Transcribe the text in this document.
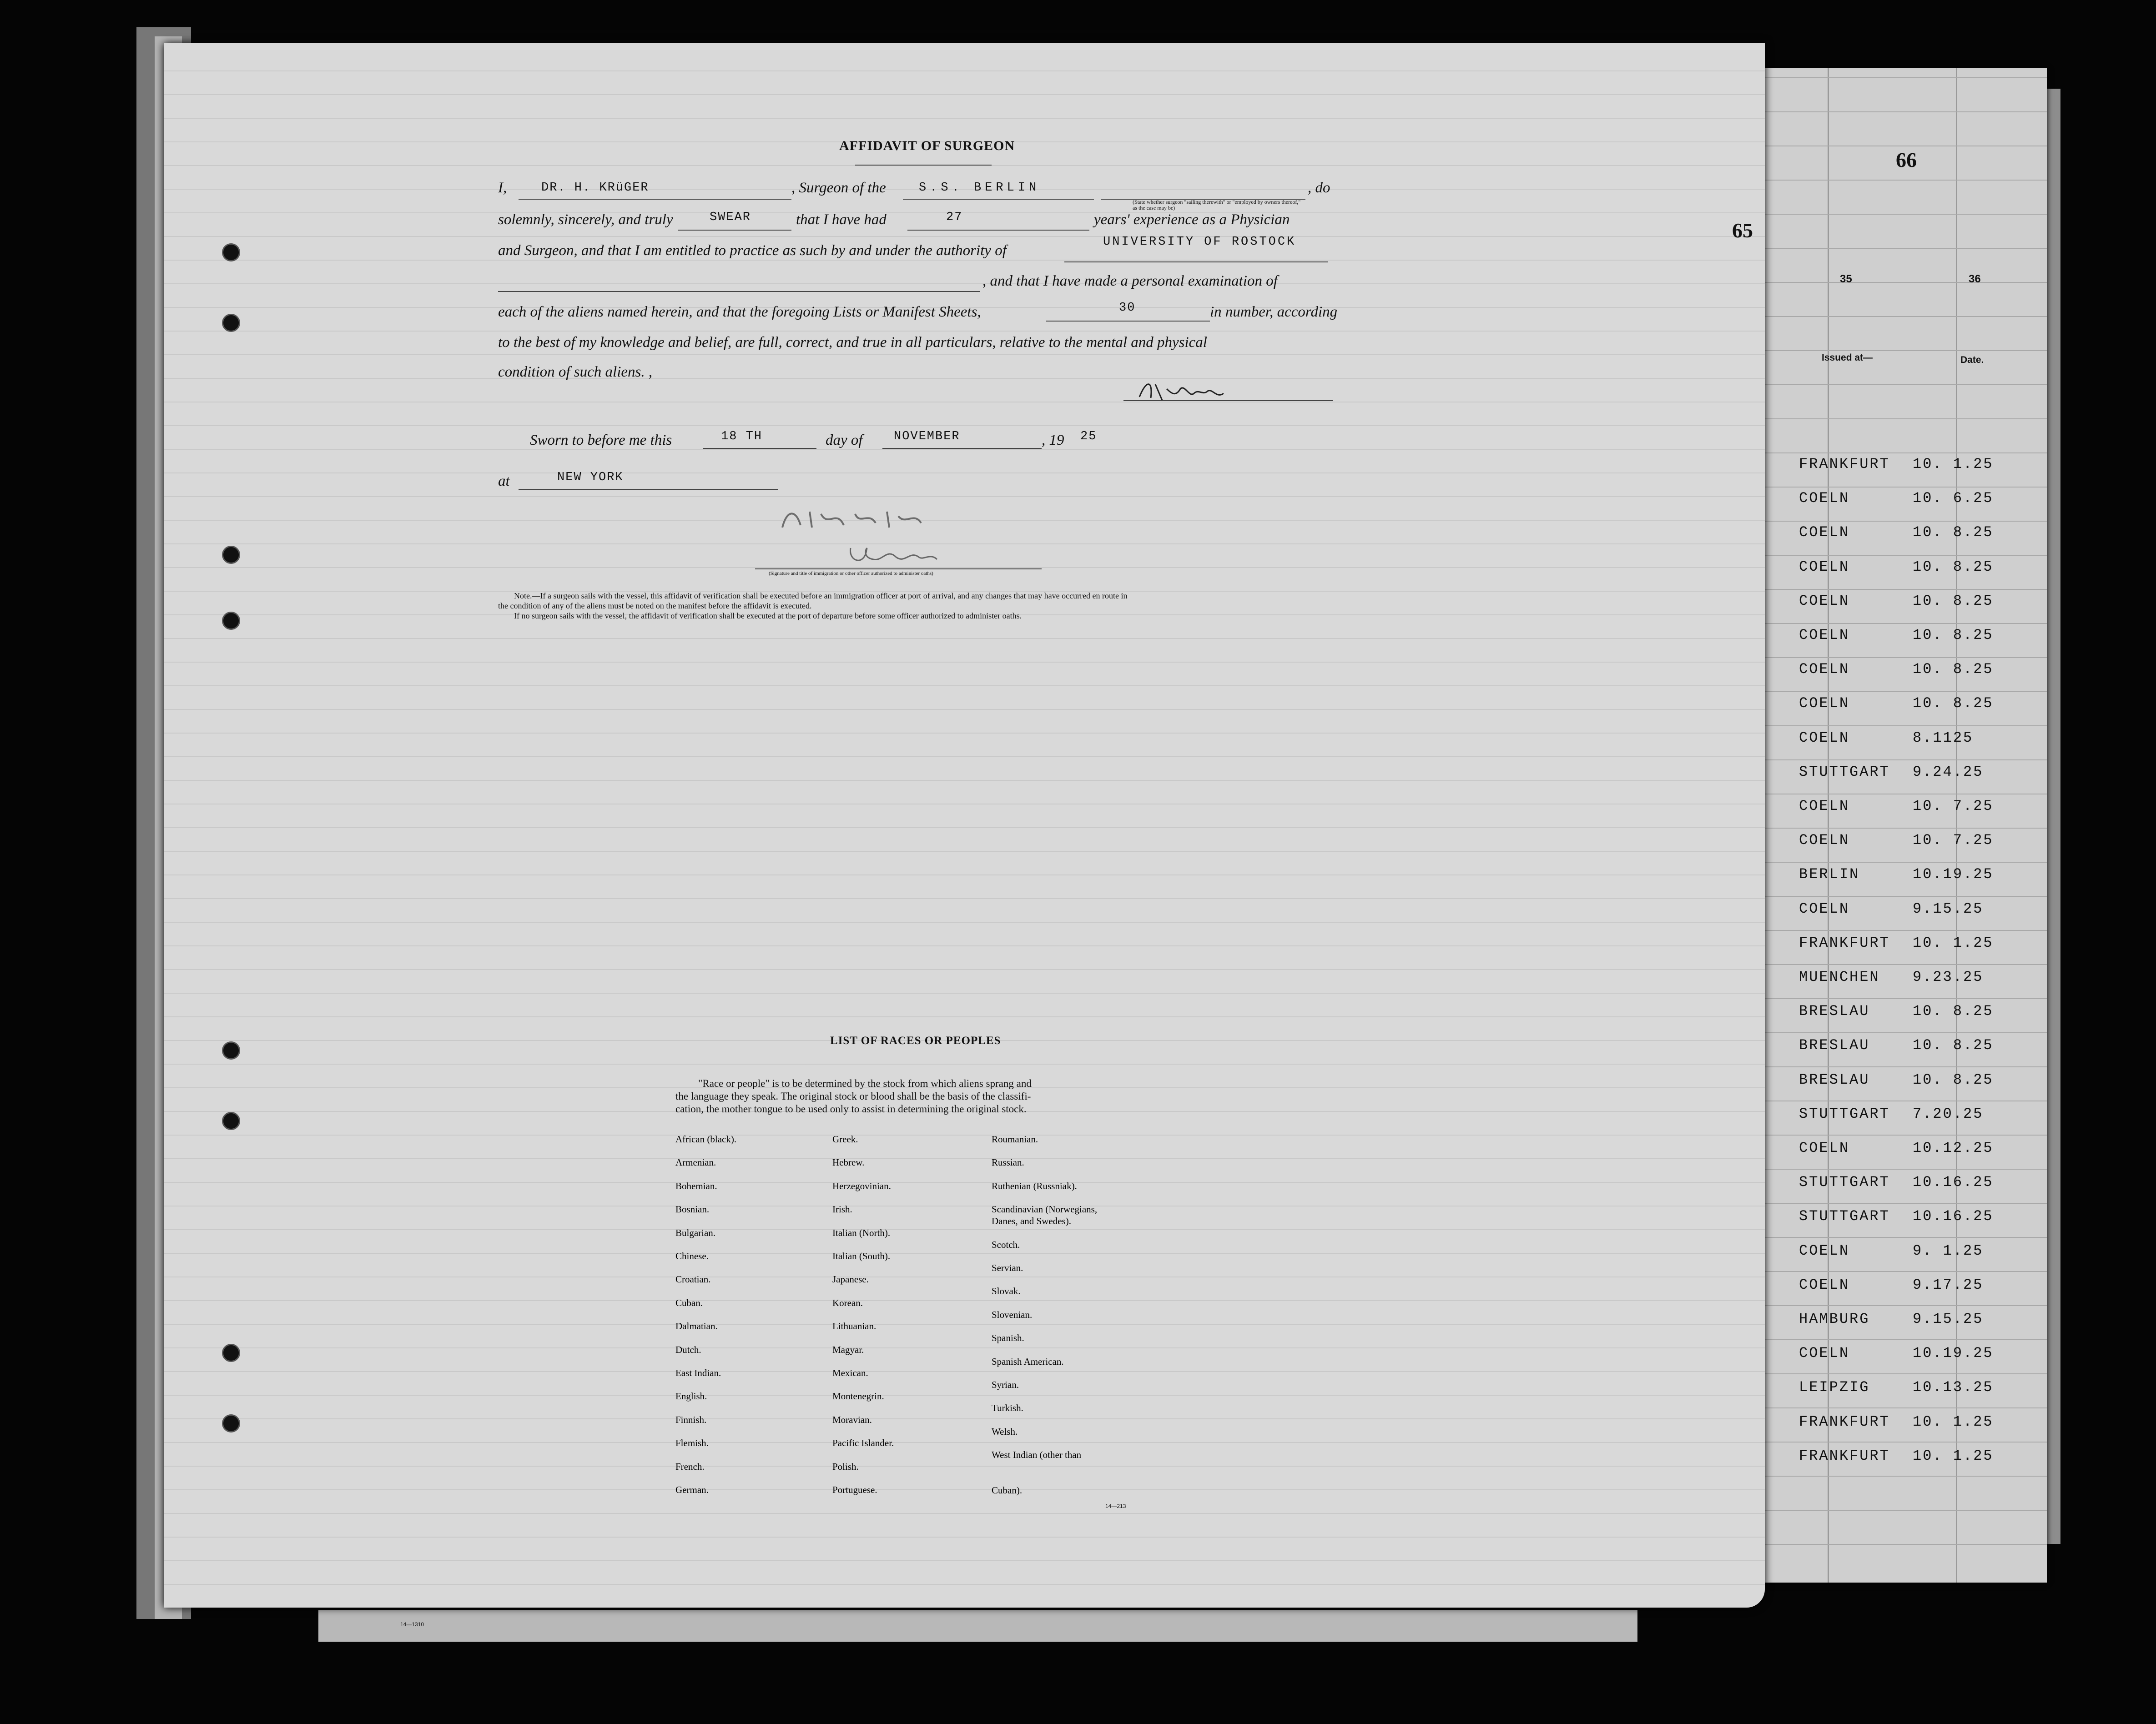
14—1310
66
65
AFFIDAVIT OF SURGEON
I,	DR. H. KRüGER	, Surgeon of the	S.S. BERLIN
(State whether surgeon "sailing therewith" or "employed by owners thereof," as the case may be)
, do
solemnly, sincerely, and truly	SWEAR	that I have had	27	years' experience as a Physician
and Surgeon, and that I am entitled to practice as such by and under the authority of
UNIVERSITY OF ROSTOCK
, and that I have made a personal examination of
each of the aliens named herein, and that the foregoing Lists or Manifest Sheets,	30	in number, according
to the best of my knowledge and belief, are full, correct, and true in all particulars, relative to the mental and physical
condition of such aliens. ,
Sworn to before me this	18 TH	day of	NOVEMBER	, 19 25
at	NEW YORK
(Signature and title of immigration or other officer authorized to administer oaths)
Note.—If a surgeon sails with the vessel, this affidavit of verification shall be executed before an immigration officer at port of arrival, and any changes that may have occurred en route in
the condition of any of the aliens must be noted on the manifest before the affidavit is executed.
If no surgeon sails with the vessel, the affidavit of verification shall be executed at the port of departure before some officer authorized to administer oaths.
LIST OF RACES OR PEOPLES
"Race or people" is to be determined by the stock from which aliens sprang and
the language they speak. The original stock or blood shall be the basis of the classifi-
cation, the mother tongue to be used only to assist in determining the original stock.
African (black).
Armenian.
Bohemian.
Bosnian.
Bulgarian.
Chinese.
Croatian.
Cuban.
Dalmatian.
Dutch.
East Indian.
English.
Finnish.
Flemish.
French.
German.
Greek.
Hebrew.
Herzegovinian.
Irish.
Italian (North).
Italian (South).
Japanese.
Korean.
Lithuanian.
Magyar.
Mexican.
Montenegrin.
Moravian.
Pacific Islander.
Polish.
Portuguese.
Roumanian.
Russian.
Ruthenian (Russniak).
Scandinavian (Norwegians,
Danes, and Swedes).
Scotch.
Servian.
Slovak.
Slovenian.
Spanish.
Spanish American.
Syrian.
Turkish.
Welsh.
West Indian (other than
Cuban).
14—213
35	36
Issued at—	Date.
FRANKFURT 10. 1.25
COELN	10. 6.25
COELN	10. 8.25
COELN	10. 8.25
COELN	10. 8.25
COELN	10. 8.25
COELN	10. 8.25
COELN	10. 8.25
COELN	8.1125
STUTTGART 9.24.25
COELN	10. 7.25
COELN	10. 7.25
BERLIN	10.19.25
COELN	9.15.25
FRANKFURT 10. 1.25
MUENCHEN 9.23.25
BRESLAU	10. 8.25
BRESLAU	10. 8.25
BRESLAU	10. 8.25
STUTTGART 7.20.25
COELN	10.12.25
STUTTGART 10.16.25
STUTTGART 10.16.25
COELN	9. 1.25
COELN	9.17.25
HAMBURG	9.15.25
COELN	10.19.25
LEIPZIG	10.13.25
FRANKFURT 10. 1.25
FRANKFURT 10. 1.25
